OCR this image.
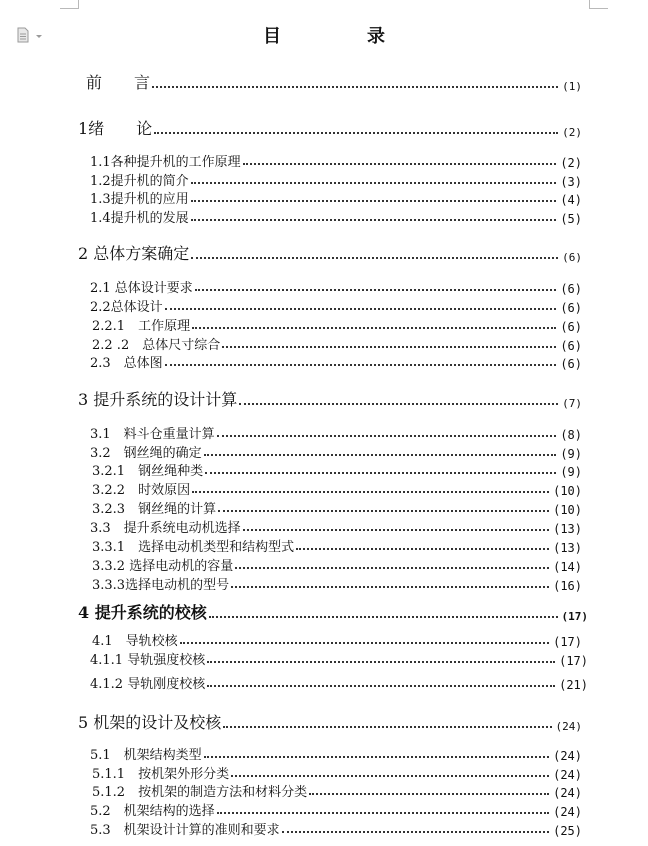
目　录
前　　言	(1)
1绪　　论	(2)
1.1各种提升机的工作原理	(2)
1.2提升机的简介	(3)
1.3提升机的应用	(4)
1.4提升机的发展	(5)
2 总体方案确定	(6)
2.1 总体设计要求	(6)
2.2总体设计	(6)
2.2.1　工作原理	(6)
2.2 .2　总体尺寸综合	(6)
2.3　总体图	(6)
3 提升系统的设计计算	(7)
3.1　料斗仓重量计算	(8)
3.2　钢丝绳的确定	(9)
3.2.1　钢丝绳种类	(9)
3.2.2　时效原因	(10)
3.2.3　钢丝绳的计算	(10)
3.3　提升系统电动机选择	(13)
3.3.1　选择电动机类型和结构型式	(13)
3.3.2 选择电动机的容量	(14)
3.3.3选择电动机的型号	(16)
4 提升系统的校核	(17)
4.1　导轨校核	(17)
4.1.1 导轨强度校核	(17)
4.1.2 导轨刚度校核	(21)
5 机架的设计及校核	(24)
5.1　机架结构类型	(24)
5.1.1　按机架外形分类	(24)
5.1.2　按机架的制造方法和材料分类	(24)
5.2　机架结构的选择	(24)
5.3　机架设计计算的准则和要求	(25)
